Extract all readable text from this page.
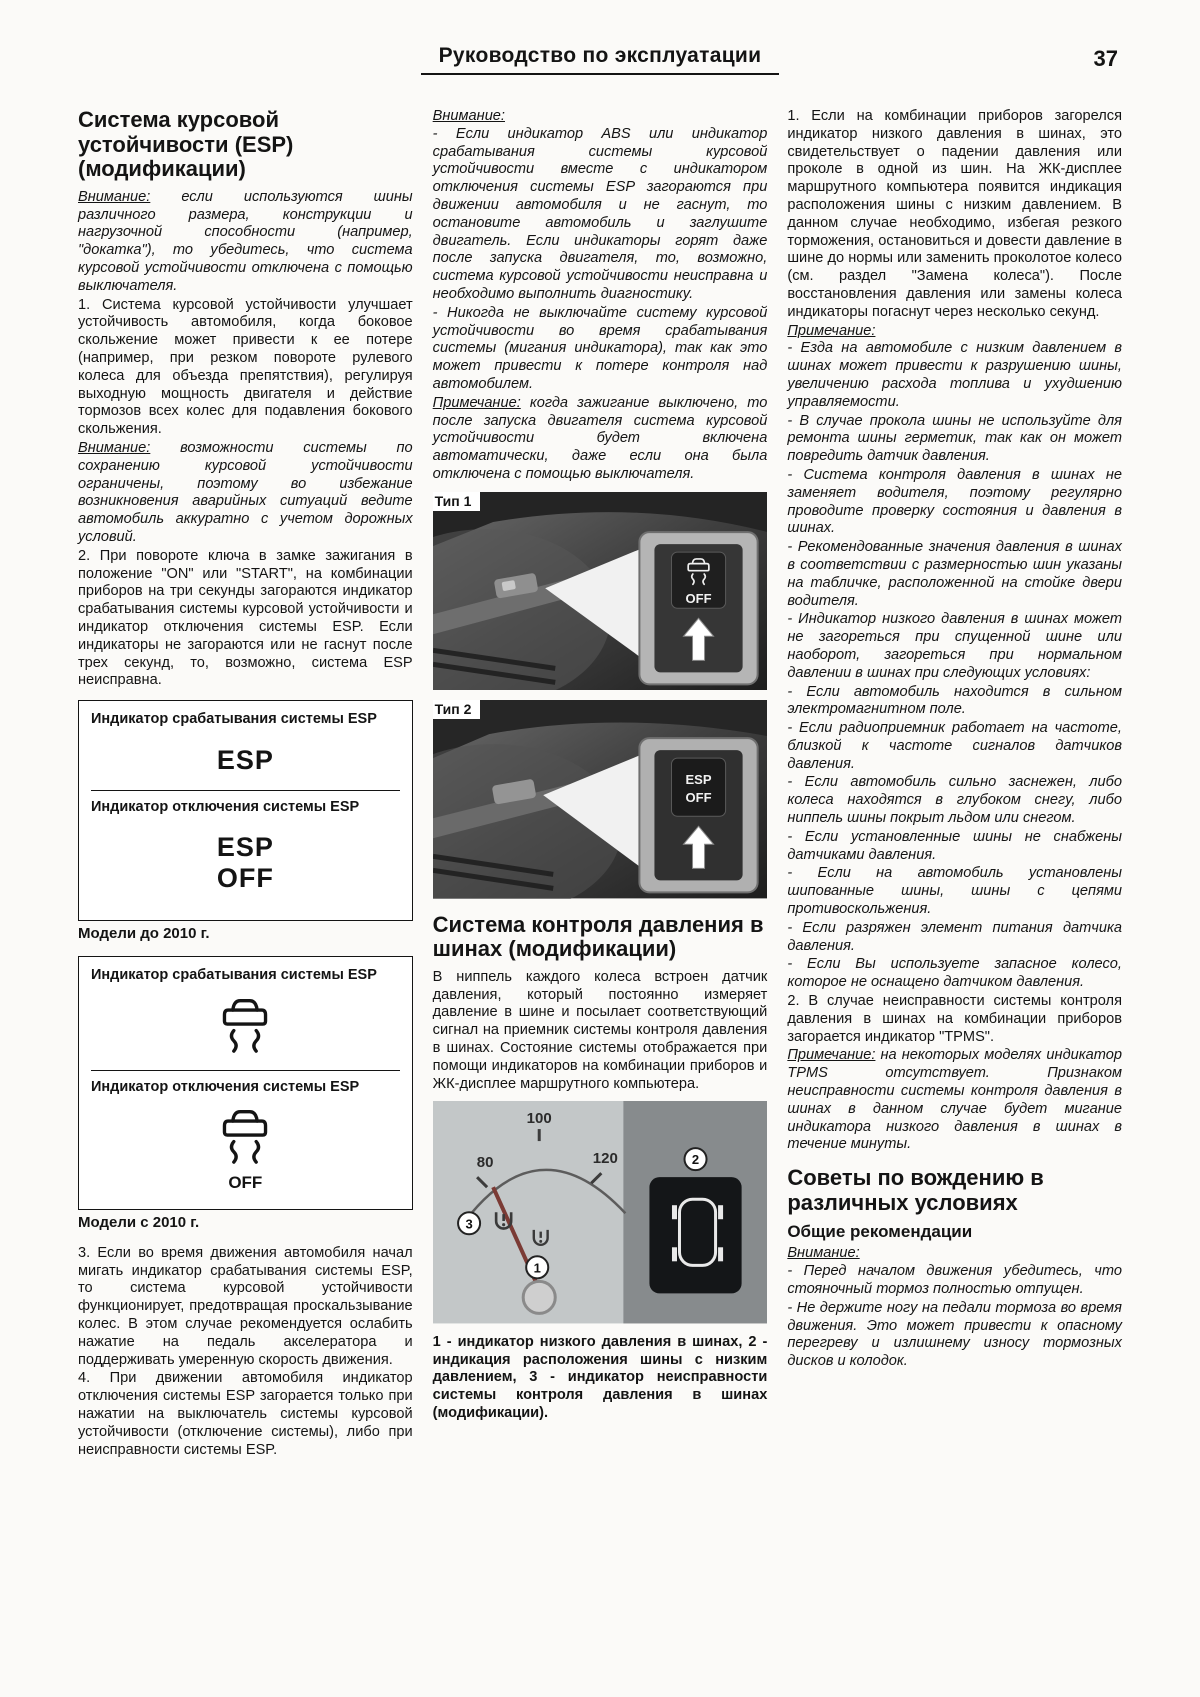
Руководство по эксплуатации	37
Система курсовой устойчивости (ESP) (модификации)

Внимание: если используются шины различного размера, конструкции и нагрузочной способности (например, "докатка"), то убедитесь, что система курсовой устойчивости отключена с помощью выключателя.

1. Система курсовой устойчивости улучшает устойчивость автомобиля, когда боковое скольжение может привести к ее потере (например, при резком повороте рулевого колеса для объезда препятствия), регулируя выходную мощность двигателя и действие тормозов всех колес для подавления бокового скольжения.

Внимание: возможности системы по сохранению курсовой устойчивости ограничены, поэтому во избежание возникновения аварийных ситуаций ведите автомобиль аккуратно с учетом дорожных условий.

2. При повороте ключа в замке зажигания в положение "ON" или "START", на комбинации приборов на три секунды загораются индикатор срабатывания системы курсовой устойчивости и индикатор отключения системы ESP. Если индикаторы не загораются или не гаснут после трех секунд, то, возможно, система ESP неисправна.

Индикатор срабатывания системы ESP
ESP
Индикатор отключения системы ESP
ESP
OFF
Модели до 2010 г.
Индикатор срабатывания системы ESP
Индикатор отключения системы ESP
OFF
Модели с 2010 г.

3. Если во время движения автомобиля начал мигать индикатор срабатывания системы ESP, то система курсовой устойчивости функционирует, предотвращая проскальзывание колес. В этом случае рекомендуется ослабить нажатие на педаль акселератора и поддерживать умеренную скорость движения.

4. При движении автомобиля индикатор отключения системы ESP загорается только при нажатии на выключатель системы курсовой устойчивости (отключение системы), либо при неисправности системы ESP.

Внимание:

- Если индикатор ABS или индикатор срабатывания системы курсовой устойчивости вместе с индикатором отключения системы ESP загораются при движении автомобиля и не гаснут, то остановите автомобиль и заглушите двигатель. Если индикаторы горят даже после запуска двигателя, то, возможно, система курсовой устойчивости неисправна и необходимо выполнить диагностику.

- Никогда не выключайте систему курсовой устойчивости во время срабатывания системы (мигания индикатора), так как это может привести к потере контроля над автомобилем.

Примечание: когда зажигание выключено, то после запуска двигателя система курсовой устойчивости будет включена автоматически, даже если она была отключена с помощью выключателя.

OFF
Тип 1
ESP
OFF
Тип 2
Система контроля давления в шинах (модификации)

В ниппель каждого колеса встроен датчик давления, который постоянно измеряет давление в шине и посылает соответствующий сигнал на приемник системы контроля давления в шинах. Состояние системы отображается при помощи индикаторов на комбинации приборов и ЖК-дисплее маршрутного компьютера.

80
100
120
3
1
2

1 - индикатор низкого давления в шинах, 2 - индикация расположения шины с низким давлением, 3 - индикатор неисправности системы контроля давления в шинах (модификации).

1. Если на комбинации приборов загорелся индикатор низкого давления в шинах, это свидетельствует о падении давления или проколе в одной из шин. На ЖК-дисплее маршрутного компьютера появится индикация расположения шины с низким давлением. В данном случае необходимо, избегая резкого торможения, остановиться и довести давление в шине до нормы или заменить проколотое колесо (см. раздел "Замена колеса"). После восстановления давления или замены колеса индикаторы погаснут через несколько секунд.

Примечание:

- Езда на автомобиле с низким давлением в шинах может привести к разрушению шины, увеличению расхода топлива и ухудшению управляемости.

- В случае прокола шины не используйте для ремонта шины герметик, так как он может повредить датчик давления.

- Система контроля давления в шинах не заменяет водителя, поэтому регулярно проводите проверку состояния и давления в шинах.

- Рекомендованные значения давления в шинах в соответствии с размерностью шин указаны на табличке, расположенной на стойке двери водителя.

- Индикатор низкого давления в шинах может не загореться при спущенной шине или наоборот, загореться при нормальном давлении в шинах при следующих условиях:

- Если автомобиль находится в сильном электромагнитном поле.

- Если радиоприемник работает на частоте, близкой к частоте сигналов датчиков давления.

- Если автомобиль сильно заснежен, либо колеса находятся в глубоком снегу, либо ниппель шины покрыт льдом или снегом.

- Если установленные шины не снабжены датчиками давления.

- Если на автомобиль установлены шипованные шины, шины с цепями противоскольжения.

- Если разряжен элемент питания датчика давления.

- Если Вы используете запасное колесо, которое не оснащено датчиком давления.

2. В случае неисправности системы контроля давления в шинах на комбинации приборов загорается индикатор "TPMS".

Примечание: на некоторых моделях индикатор TPMS отсутствует. Признаком неисправности системы контроля давления в шинах в данном случае будет мигание индикатора низкого давления в шинах в течение минуты.

Советы по вождению в различных условиях
Общие рекомендации

Внимание:

- Перед началом движения убедитесь, что стояночный тормоз полностью отпущен.

- Не держите ногу на педали тормоза во время движения. Это может привести к опасному перегреву и излишнему износу тормозных дисков и колодок.
